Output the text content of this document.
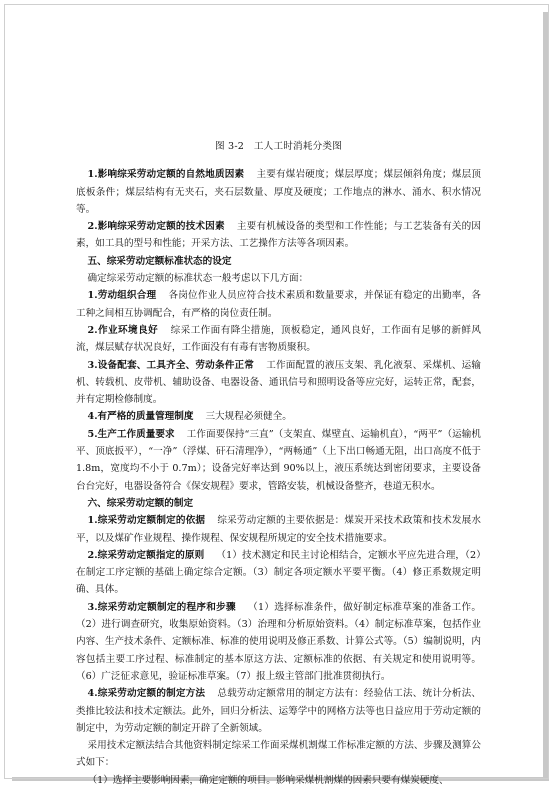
图 3-2　工人工时消耗分类图

1.影响综采劳动定额的自然地质因素 主要有煤岩硬度；煤层厚度；煤层倾斜角度；煤层顶底板条件；煤层结构有无夹石，夹石层数量、厚度及硬度；工作地点的淋水、涌水、积水情况等。

2.影响综采劳动定额的技术因素 主要有机械设备的类型和工作性能；与工艺装备有关的因素，如工具的型号和性能；开采方法、工艺操作方法等各项因素。

五、综采劳动定额标准状态的设定

确定综采劳动定额的标准状态一般考虑以下几方面：

1.劳动组织合理 各岗位作业人员应符合技术素质和数量要求，并保证有稳定的出勤率，各工种之间相互协调配合，有严格的岗位责任制。

2.作业环境良好 综采工作面有降尘措施，顶板稳定，通风良好，工作面有足够的新鲜风流，煤层赋存状况良好，工作面没有有毒有害物质聚积。

3.设备配套、工具齐全、劳动条件正常 工作面配置的液压支架、乳化液泵、采煤机、运输机、转载机、皮带机、辅助设备、电器设备、通讯信号和照明设备等应完好，运转正常，配套，并有定期检修制度。

4.有严格的质量管理制度 三大规程必须健全。

5.生产工作质量要求 工作面要保持“三直”（支架直、煤壁直、运输机直），“两平”（运输机平、顶底扳平），“一净”（浮煤、矸石清理净），“两畅通”（上下出口畅通无阻，出口高度不低于 1.8m，宽度均不小于 0.7m）；设备完好率达到 90%以上，液压系统达到密闭要求，主要设备台台完好，电器设备符合《保安规程》要求，管路安装，机械设备整齐，巷道无积水。

六、综采劳动定额的制定

1.综采劳动定额制定的依据 综采劳动定额的主要依据是：煤炭开采技术政策和技术发展水平，以及煤矿作业规程、操作规程、保安规程所规定的安全技术措施要求。

2.综采劳动定额指定的原则 （1）技术测定和民主讨论相结合，定额水平应先进合理，（2）在制定工序定额的基础上确定综合定额。（3）制定各项定额水平要平衡。（4）修正系数规定明确、具体。

3.综采劳动定额制定的程序和步骤 （1）选择标准条件，做好制定标准草案的准备工作。（2）进行调查研究，收集原始资料。（3）治理和分析原始资料。（4）制定标准草案，包括作业内容、生产技术条件、定额标准、标准的使用说明及修正系数、计算公式等。（5）编制说明，内容包括主要工序过程、标准制定的基本原这方法、定额标准的依据、有关规定和使用说明等。（6）广泛征求意见，验证标准草案。（7）报上级主管部门批准贯彻执行。

4.综采劳动定额的制定方法 总载劳动定额常用的制定方法有：经验估工法、统计分析法、类推比较法和技术定额法。此外，回归分析法、运筹学中的网格方法等也日益应用于劳动定额的制定中，为劳动定额的制定开辟了全新领域。

采用技术定额法结合其他资料制定综采工作面采煤机割煤工作标准定额的方法、步骤及测算公式如下：

（1）选择主要影响因素，确定定额的项目。影响采煤机割煤的因素只要有煤炭硬度、
